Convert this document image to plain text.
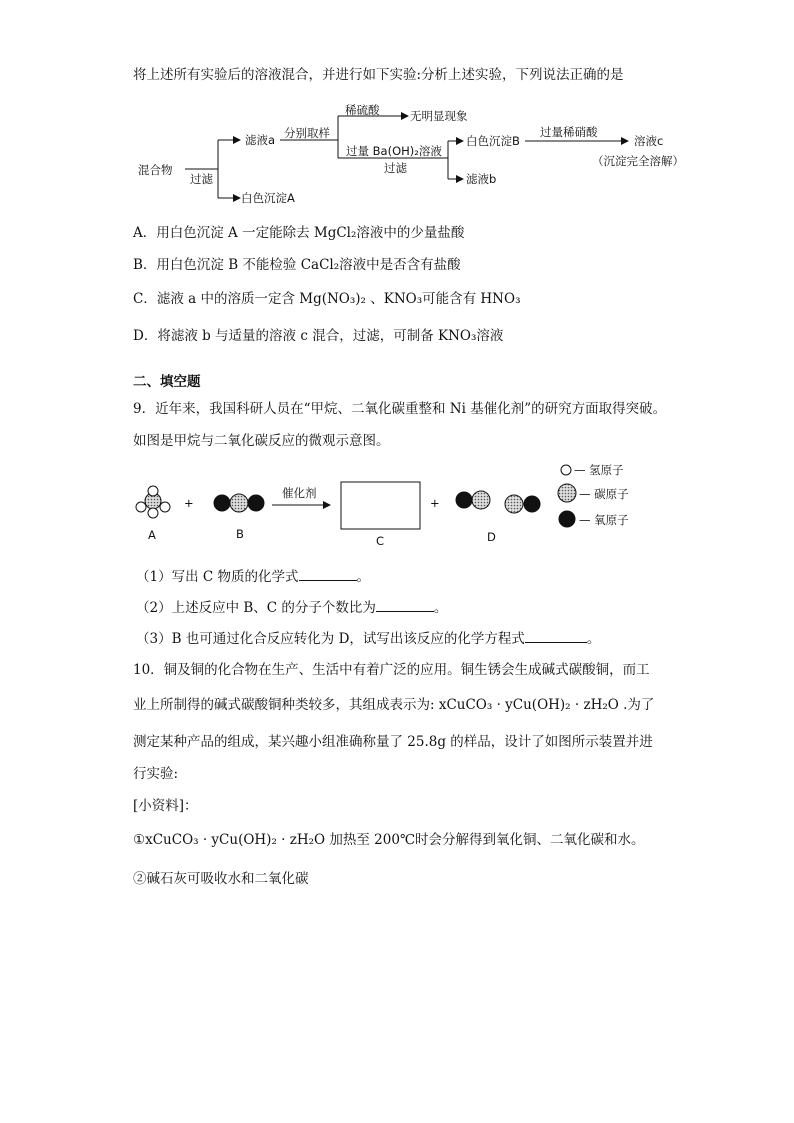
将上述所有实验后的溶液混合，并进行如下实验:分析上述实验，下列说法正确的是
混合物
过滤
滤液a
白色沉淀A
分别取样
稀硫酸	无明显现象
过量 Ba(OH)₂溶液
过滤
白色沉淀B
滤液b
过量稀硝酸
溶液c
（沉淀完全溶解）
A．用白色沉淀 A 一定能除去 MgCl₂溶液中的少量盐酸
B．用白色沉淀 B 不能检验 CaCl₂溶液中是否含有盐酸
C．滤液 a 中的溶质一定含 Mg(NO₃)₂ 、KNO₃可能含有 HNO₃
D．将滤液 b 与适量的溶液 c 混合，过滤，可制备 KNO₃溶液
二、填空题
9．近年来，我国科研人员在“甲烷、二氧化碳重整和 Ni 基催化剂”的研究方面取得突破。
如图是甲烷与二氧化碳反应的微观示意图。
催化剂
+	+
A	B	C	D
— 氢原子
— 碳原子
— 氧原子
（1）写出 C 物质的化学式	。
（2）上述反应中 B、C 的分子个数比为	。
（3）B 也可通过化合反应转化为 D，试写出该反应的化学方程式	。
10．铜及铜的化合物在生产、生活中有着广泛的应用。铜生锈会生成碱式碳酸铜，而工
业上所制得的碱式碳酸铜种类较多，其组成表示为: xCuCO₃ · yCu(OH)₂ · zH₂O .为了
测定某种产品的组成，某兴趣小组准确称量了 25.8g 的样品，设计了如图所示装置并进
行实验:
[小资料]：
①xCuCO₃ · yCu(OH)₂ · zH₂O 加热至 200℃时会分解得到氧化铜、二氧化碳和水。
②碱石灰可吸收水和二氧化碳
